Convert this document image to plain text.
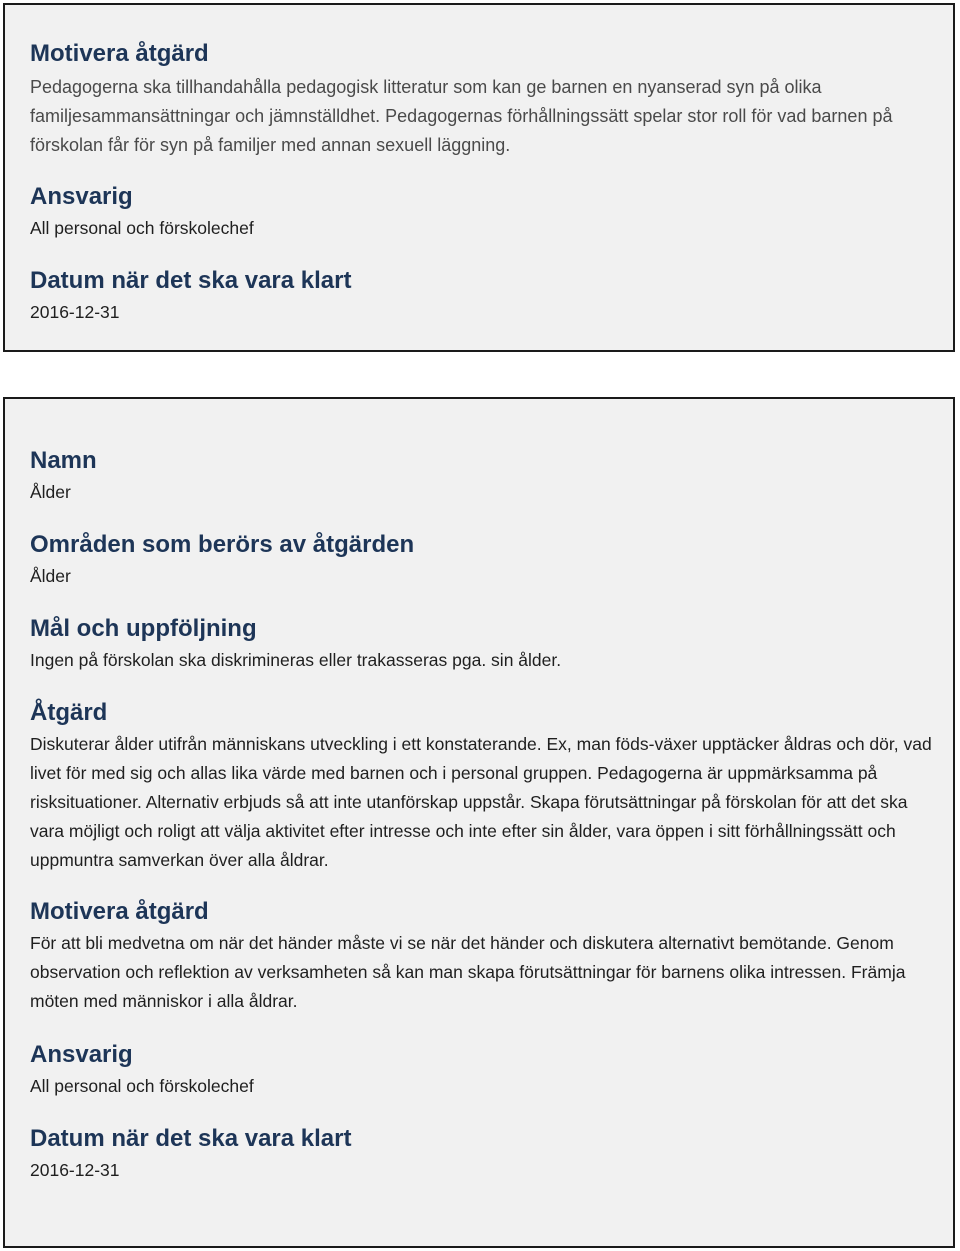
Motivera åtgärd

Pedagogerna ska tillhandahålla pedagogisk litteratur som kan ge barnen en nyanserad syn på olika familjesammansättningar och jämnställdhet. Pedagogernas förhållningssätt spelar stor roll för vad barnen på förskolan får för syn på familjer med annan sexuell läggning.

Ansvarig

All personal och förskolechef

Datum när det ska vara klart

2016-12-31

Namn

Ålder

Områden som berörs av åtgärden

Ålder

Mål och uppföljning

Ingen på förskolan ska diskrimineras eller trakasseras pga. sin ålder.

Åtgärd

Diskuterar ålder utifrån människans utveckling i ett konstaterande. Ex, man föds-växer upptäcker åldras och dör, vad livet för med sig och allas lika värde med barnen och i personal gruppen. Pedagogerna är uppmärksamma på risksituationer. Alternativ erbjuds så att inte utanförskap uppstår. Skapa förutsättningar på förskolan för att det ska vara möjligt och roligt att välja aktivitet efter intresse och inte efter sin ålder, vara öppen i sitt förhållningssätt och uppmuntra samverkan över alla åldrar.

Motivera åtgärd

För att bli medvetna om när det händer måste vi se när det händer och diskutera alternativt bemötande. Genom observation och reflektion av verksamheten så kan man skapa förutsättningar för barnens olika intressen. Främja möten med människor i alla åldrar.

Ansvarig

All personal och förskolechef

Datum när det ska vara klart

2016-12-31
